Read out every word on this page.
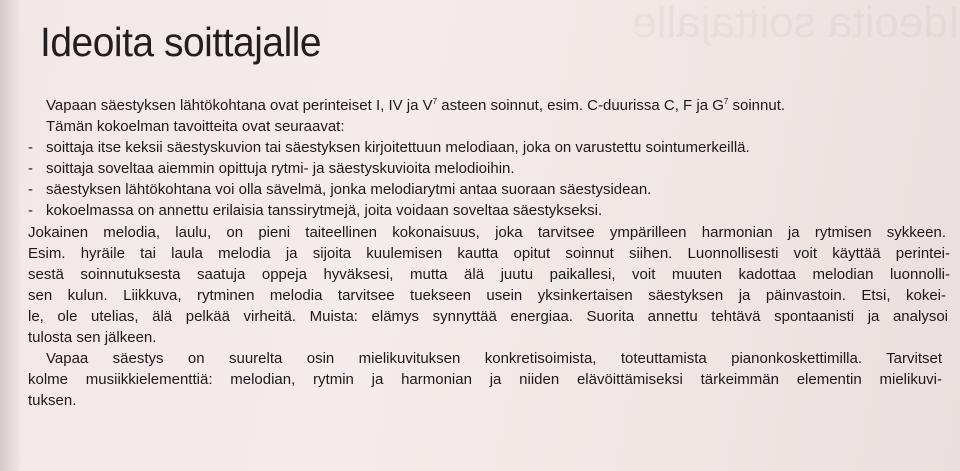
Ideoita soittajalle
Ideoita soittajalle
Vapaan säestyksen lähtökohtana ovat perinteiset I, IV ja $V^7$ asteen soinnut, esim. C-duurissa C, F ja $G^7$ soinnut.
Tämän kokoelman tavoitteita ovat seuraavat:
- soittaja itse keksii säestyskuvion tai säestyksen kirjoitettuun melodiaan, joka on varustettu sointumerkeillä.
- soittaja soveltaa aiemmin opittuja rytmi- ja säestyskuvioita melodioihin.
- säestyksen lähtökohtana voi olla sävelmä, jonka melodiarytmi antaa suoraan säestysidean.
- kokoelmassa on annettu erilaisia tanssirytmejä, joita voidaan soveltaa säestykseksi.
Jokainen melodia, laulu, on pieni taiteellinen kokonaisuus, joka tarvitsee ympärilleen harmonian ja rytmisen sykkeen.
Esim. hyräile tai laula melodia ja sijoita kuulemisen kautta opitut soinnut siihen. Luonnollisesti voit käyttää perintei-
sestä soinnutuksesta saatuja oppeja hyväksesi, mutta älä juutu paikallesi, voit muuten kadottaa melodian luonnolli-
sen kulun. Liikkuva, rytminen melodia tarvitsee tuekseen usein yksinkertaisen säestyksen ja päinvastoin. Etsi, kokei-
le, ole utelias, älä pelkää virheitä. Muista: elämys synnyttää energiaa. Suorita annettu tehtävä spontaanisti ja analysoi
tulosta sen jälkeen.
Vapaa säestys on suurelta osin mielikuvituksen konkretisoimista, toteuttamista pianonkoskettimilla. Tarvitset
kolme musiikkielementtiä: melodian, rytmin ja harmonian ja niiden elävöittämiseksi tärkeimmän elementin mielikuvi-
tuksen.
